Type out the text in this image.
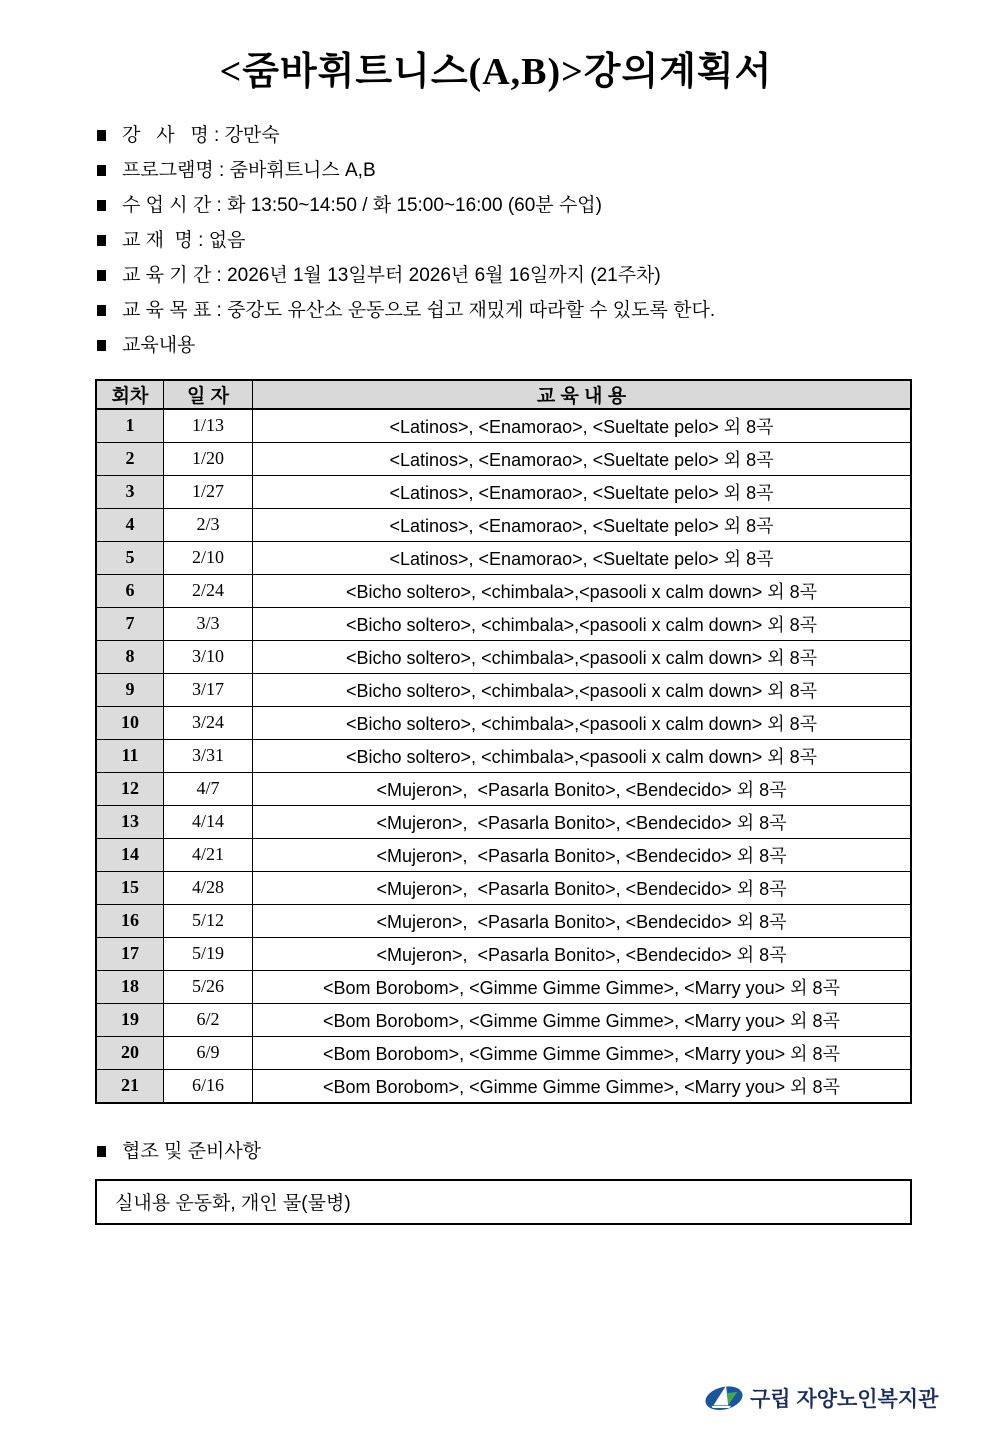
<줌바휘트니스(A,B)>강의계획서
강   사   명 : 강만숙
프로그램명 : 줌바휘트니스 A,B
수 업 시 간 : 화 13:50~14:50 / 화 15:00~16:00 (60분 수업)
교 재  명 : 없음
교 육 기 간 : 2026년 1월 13일부터 2026년 6월 16일까지 (21주차)
교 육 목 표 : 중강도 유산소 운동으로 쉽고 재밌게 따라할 수 있도록 한다.
교육내용
회차	일 자	교 육 내 용
1	1/13	<Latinos>, <Enamorao>, <Sueltate pelo> 외 8곡
2	1/20	<Latinos>, <Enamorao>, <Sueltate pelo> 외 8곡
3	1/27	<Latinos>, <Enamorao>, <Sueltate pelo> 외 8곡
4	2/3	<Latinos>, <Enamorao>, <Sueltate pelo> 외 8곡
5	2/10	<Latinos>, <Enamorao>, <Sueltate pelo> 외 8곡
6	2/24	<Bicho soltero>, <chimbala>,<pasooli x calm down> 외 8곡
7	3/3	<Bicho soltero>, <chimbala>,<pasooli x calm down> 외 8곡
8	3/10	<Bicho soltero>, <chimbala>,<pasooli x calm down> 외 8곡
9	3/17	<Bicho soltero>, <chimbala>,<pasooli x calm down> 외 8곡
10	3/24	<Bicho soltero>, <chimbala>,<pasooli x calm down> 외 8곡
11	3/31	<Bicho soltero>, <chimbala>,<pasooli x calm down> 외 8곡
12	4/7	<Mujeron>,  <Pasarla Bonito>, <Bendecido> 외 8곡
13	4/14	<Mujeron>,  <Pasarla Bonito>, <Bendecido> 외 8곡
14	4/21	<Mujeron>,  <Pasarla Bonito>, <Bendecido> 외 8곡
15	4/28	<Mujeron>,  <Pasarla Bonito>, <Bendecido> 외 8곡
16	5/12	<Mujeron>,  <Pasarla Bonito>, <Bendecido> 외 8곡
17	5/19	<Mujeron>,  <Pasarla Bonito>, <Bendecido> 외 8곡
18	5/26	<Bom Borobom>, <Gimme Gimme Gimme>, <Marry you> 외 8곡
19	6/2	<Bom Borobom>, <Gimme Gimme Gimme>, <Marry you> 외 8곡
20	6/9	<Bom Borobom>, <Gimme Gimme Gimme>, <Marry you> 외 8곡
21	6/16	<Bom Borobom>, <Gimme Gimme Gimme>, <Marry you> 외 8곡
협조 및 준비사항
실내용 운동화, 개인 물(물병)
구립 자양노인복지관
